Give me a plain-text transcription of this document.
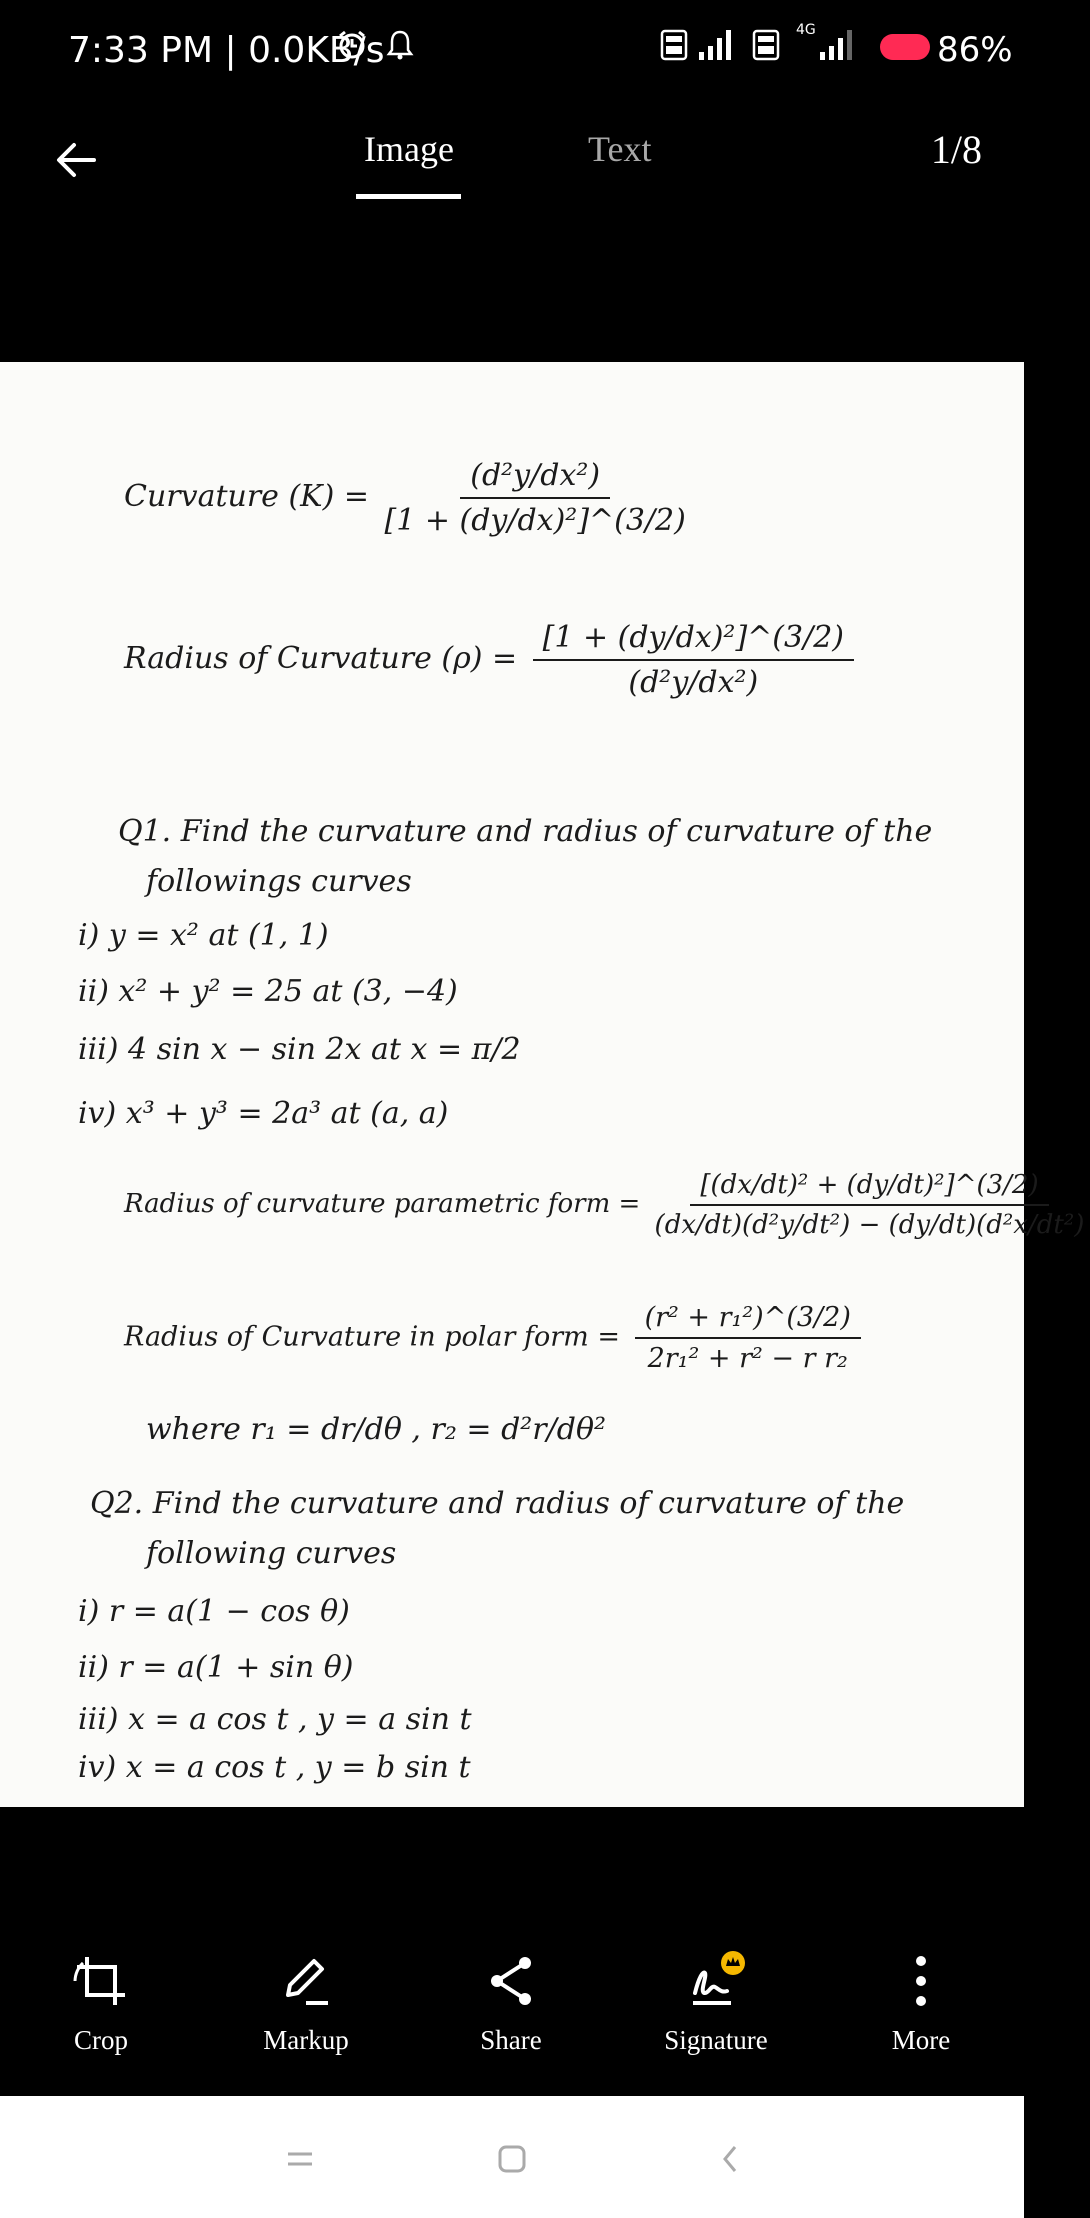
7:33 PM | 0.0KB/s	4G	86%
Image	Text	1/8
Curvature $(K) = \frac{\text{(d²y/dx²)}}{\text{[1 + (dy/dx)²]\textasciicircum{}(3/2)}}$
Radius of Curvature $(\rho) = \frac{\text{[1 + (dy/dx)²]\textasciicircum{}(3/2)}}{\text{(d²y/dx²)}}$
Q1. Find the curvature and radius of curvature of the
followings curves
i) y = x² at (1, 1)
ii) x² + y² = 25 at (3, −4)
iii) 4 sin x − sin 2x at x = π/2
iv) x³ + y³ = 2a³ at (a, a)
Radius of curvature parametric form = $\frac{\text{[(dx/dt)² + (dy/dt)²]\textasciicircum{}(3/2)}}{\text{(dx/dt)(d²y/dt²) − (dy/dt)(d²x/dt²)}}$
Radius of Curvature in polar form = $\frac{\text{(r² + r₁²)\textasciicircum{}(3/2)}}{\text{2r₁² + r² − r r₂}}$
where r₁ = dr/dθ , r₂ = d²r/dθ²
Q2. Find the curvature and radius of curvature of the
following curves
i) r = a(1 − cos θ)
ii) r = a(1 + sin θ)
iii) x = a cos t , y = a sin t
iv) x = a cos t , y = b sin t
Crop	Markup	Share	Signature	More
